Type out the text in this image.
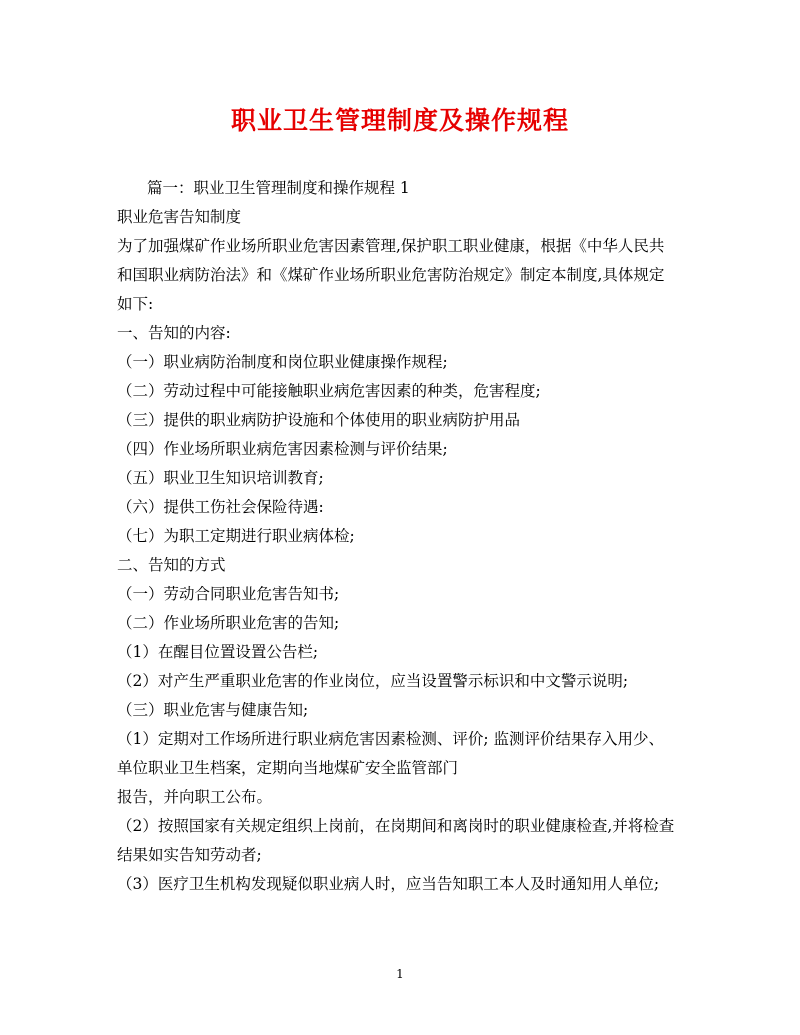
职业卫生管理制度及操作规程
篇一：职业卫生管理制度和操作规程 1
职业危害告知制度
为了加强煤矿作业场所职业危害因素管理,保护职工职业健康，根据《中华人民共
和国职业病防治法》和《煤矿作业场所职业危害防治规定》制定本制度,具体规定
如下:
一、告知的内容:
（一）职业病防治制度和岗位职业健康操作规程;
（二）劳动过程中可能接触职业病危害因素的种类，危害程度;
（三）提供的职业病防护设施和个体使用的职业病防护用品
（四）作业场所职业病危害因素检测与评价结果;
（五）职业卫生知识培训教育;
（六）提供工伤社会保险待遇:
（七）为职工定期进行职业病体检;
二、告知的方式
（一）劳动合同职业危害告知书;
（二）作业场所职业危害的告知;
（1）在醒目位置设置公告栏;
（2）对产生严重职业危害的作业岗位，应当设置警示标识和中文警示说明;
（三）职业危害与健康告知;
（1）定期对工作场所进行职业病危害因素检测、评价; 监测评价结果存入用少、
单位职业卫生档案，定期向当地煤矿安全监管部门
报告，并向职工公布。
（2）按照国家有关规定组织上岗前，在岗期间和离岗时的职业健康检查,并将检查
结果如实告知劳动者;
（3）医疗卫生机构发现疑似职业病人时，应当告知职工本人及时通知用人单位;
1
